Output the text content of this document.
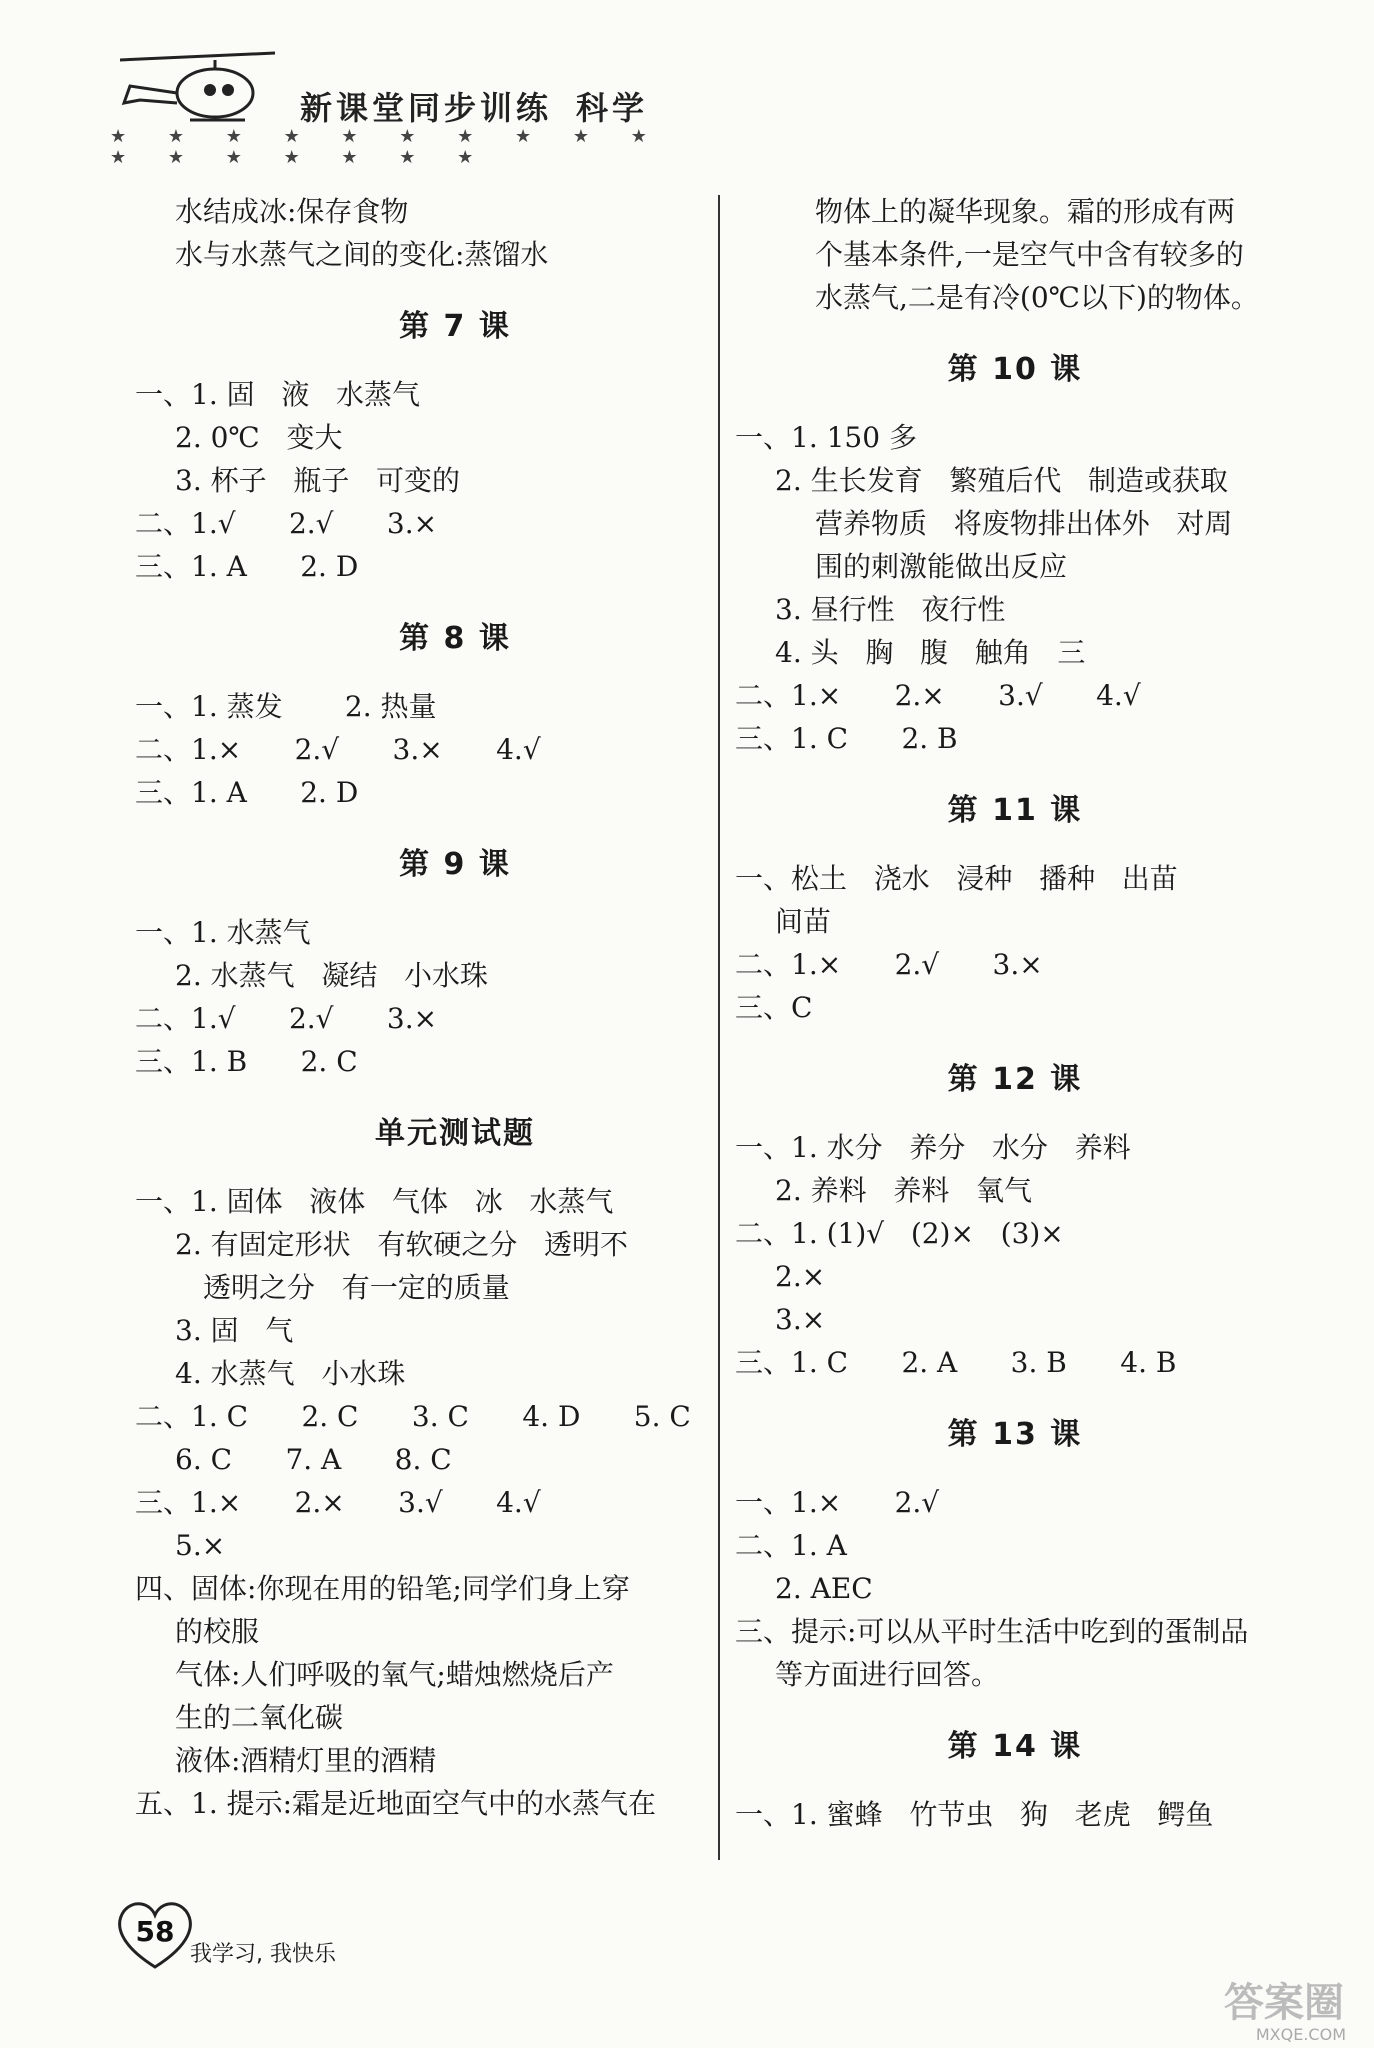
新课堂同步训练 科学
★ ★ ★ ★ ★ ★ ★ ★ ★ ★ ★ ★ ★ ★ ★ ★ ★
水结成冰:保存食物
水与水蒸气之间的变化:蒸馏水
第 7 课
一、1. 固   液   水蒸气
2. 0℃   变大
3. 杯子   瓶子   可变的
二、1.√      2.√      3.×
三、1. A      2. D
第 8 课
一、1. 蒸发       2. 热量
二、1.×      2.√      3.×      4.√
三、1. A      2. D
第 9 课
一、1. 水蒸气
2. 水蒸气   凝结   小水珠
二、1.√      2.√      3.×
三、1. B      2. C
单元测试题
一、1. 固体   液体   气体   冰   水蒸气
2. 有固定形状   有软硬之分   透明不
透明之分   有一定的质量
3. 固   气
4. 水蒸气   小水珠
二、1. C      2. C      3. C      4. D      5. C
6. C      7. A      8. C
三、1.×      2.×      3.√      4.√
5.×
四、固体:你现在用的铅笔;同学们身上穿
的校服
气体:人们呼吸的氧气;蜡烛燃烧后产
生的二氧化碳
液体:酒精灯里的酒精
五、1. 提示:霜是近地面空气中的水蒸气在
物体上的凝华现象。霜的形成有两
个基本条件,一是空气中含有较多的
水蒸气,二是有冷(0℃以下)的物体。
第 10 课
一、1. 150 多
2. 生长发育   繁殖后代   制造或获取
营养物质   将废物排出体外   对周
围的刺激能做出反应
3. 昼行性   夜行性
4. 头   胸   腹   触角   三
二、1.×      2.×      3.√      4.√
三、1. C      2. B
第 11 课
一、松土   浇水   浸种   播种   出苗
间苗
二、1.×      2.√      3.×
三、C
第 12 课
一、1. 水分   养分   水分   养料
2. 养料   养料   氧气
二、1. (1)√   (2)×   (3)×
2.×
3.×
三、1. C      2. A      3. B      4. B
第 13 课
一、1.×      2.√
二、1. A
2. AEC
三、提示:可以从平时生活中吃到的蛋制品
等方面进行回答。
第 14 课
一、1. 蜜蜂   竹节虫   狗   老虎   鳄鱼
58
我学习, 我快乐
答案圈
MXQE.COM
